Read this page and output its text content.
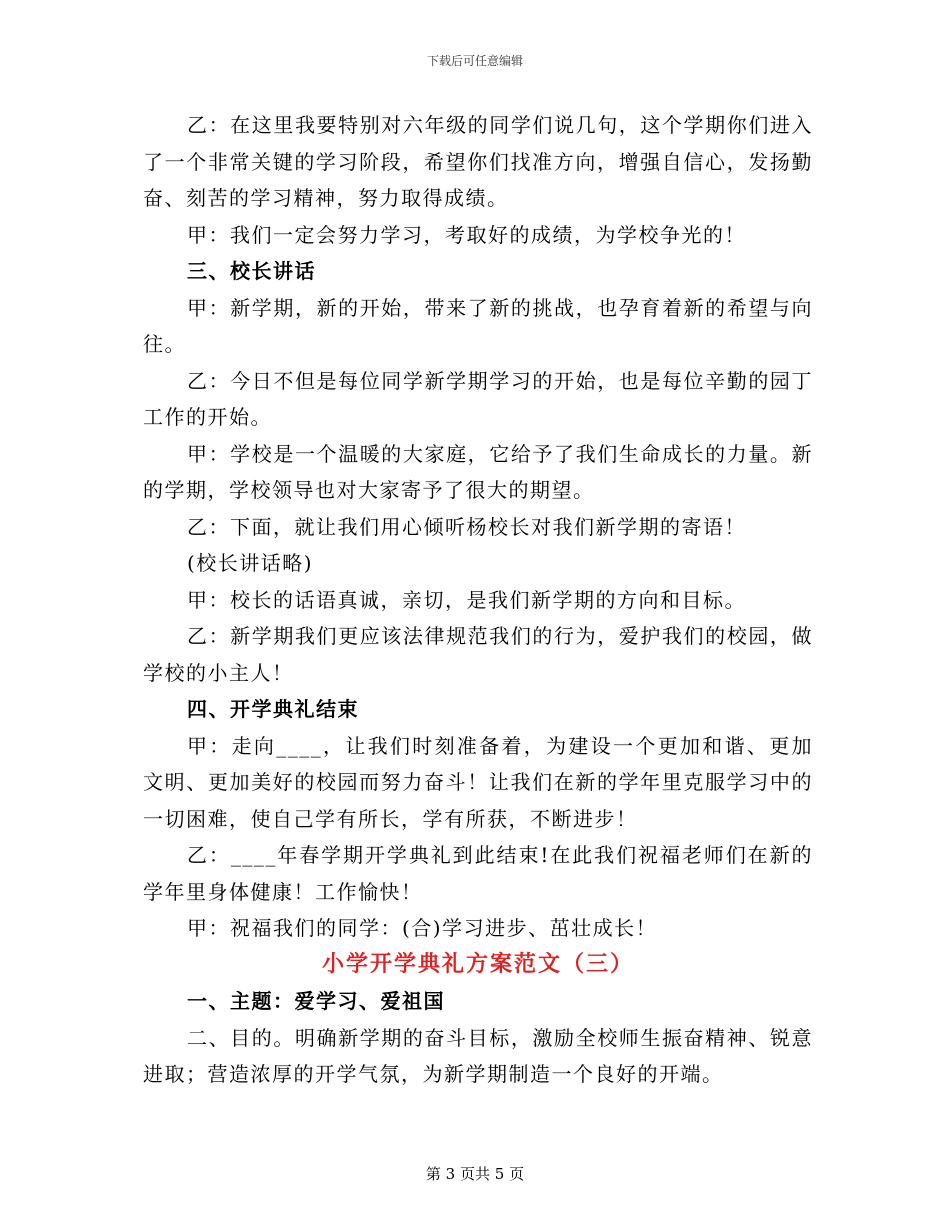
下载后可任意编辑

乙：在这里我要特别对六年级的同学们说几句，这个学期你们进入了一个非常关键的学习阶段，希望你们找准方向，增强自信心，发扬勤奋、刻苦的学习精神，努力取得成绩。

甲：我们一定会努力学习，考取好的成绩，为学校争光的！

三、校长讲话

甲：新学期，新的开始，带来了新的挑战，也孕育着新的希望与向往。

乙：今日不但是每位同学新学期学习的开始，也是每位辛勤的园丁工作的开始。

甲：学校是一个温暖的大家庭，它给予了我们生命成长的力量。新的学期，学校领导也对大家寄予了很大的期望。

乙：下面，就让我们用心倾听杨校长对我们新学期的寄语！

(校长讲话略)

甲：校长的话语真诚，亲切，是我们新学期的方向和目标。

乙：新学期我们更应该法律规范我们的行为，爱护我们的校园，做学校的小主人！

四、开学典礼结束

甲：走向____，让我们时刻准备着，为建设一个更加和谐、更加文明、更加美好的校园而努力奋斗！让我们在新的学年里克服学习中的一切困难，使自己学有所长，学有所获，不断进步！

乙：____年春学期开学典礼到此结束!在此我们祝福老师们在新的学年里身体健康！工作愉快！

甲：祝福我们的同学：(合)学习进步、茁壮成长！

小学开学典礼方案范文（三）

一、主题：爱学习、爱祖国

二、目的。明确新学期的奋斗目标，激励全校师生振奋精神、锐意进取；营造浓厚的开学气氛，为新学期制造一个良好的开端。

第 3 页共 5 页
